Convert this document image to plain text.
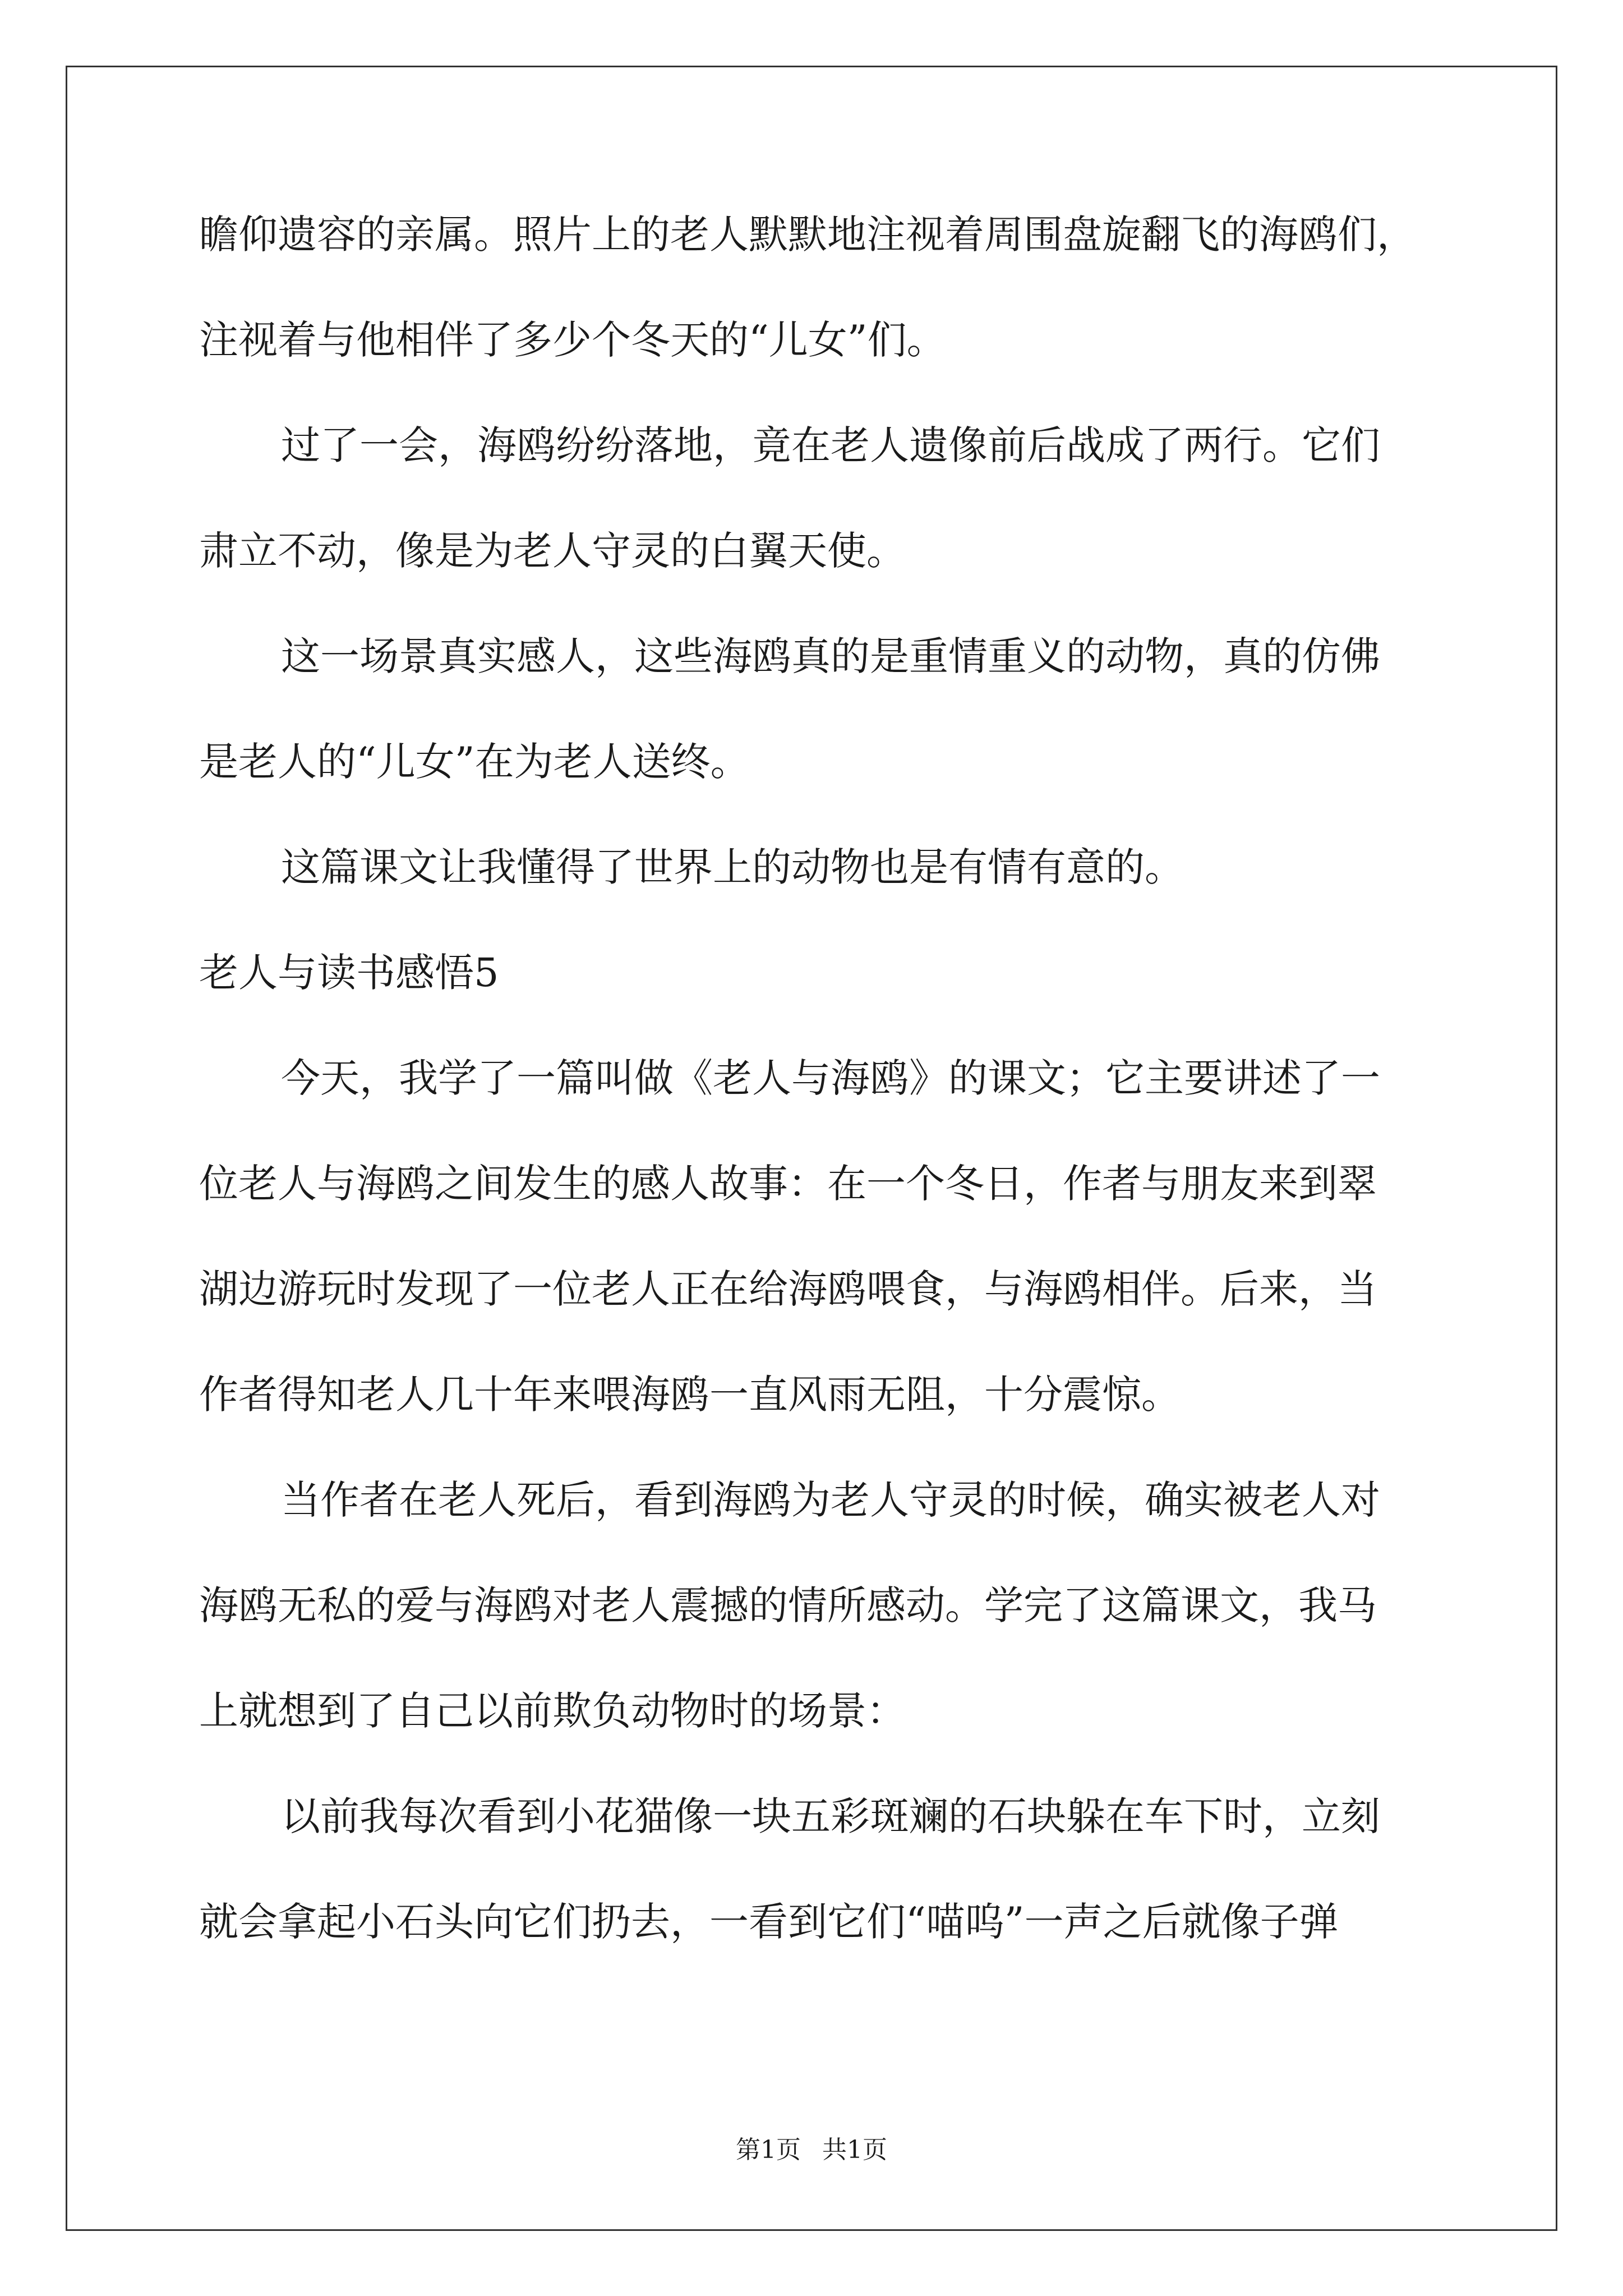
瞻仰遗容的亲属。照片上的老人默默地注视着周围盘旋翻飞的海鸥们，

注视着与他相伴了多少个冬天的“儿女”们。

过了一会，海鸥纷纷落地，竟在老人遗像前后战成了两行。它们

肃立不动，像是为老人守灵的白翼天使。

这一场景真实感人，这些海鸥真的是重情重义的动物，真的仿佛

是老人的“儿女”在为老人送终。

这篇课文让我懂得了世界上的动物也是有情有意的。

老人与读书感悟5

今天，我学了一篇叫做《老人与海鸥》的课文；它主要讲述了一

位老人与海鸥之间发生的感人故事：在一个冬日，作者与朋友来到翠

湖边游玩时发现了一位老人正在给海鸥喂食，与海鸥相伴。后来，当

作者得知老人几十年来喂海鸥一直风雨无阻，十分震惊。

当作者在老人死后，看到海鸥为老人守灵的时候，确实被老人对

海鸥无私的爱与海鸥对老人震撼的情所感动。学完了这篇课文，我马

上就想到了自己以前欺负动物时的场景：

以前我每次看到小花猫像一块五彩斑斓的石块躲在车下时，立刻

就会拿起小石头向它们扔去，一看到它们“喵呜”一声之后就像子弹

第1页 共1页
